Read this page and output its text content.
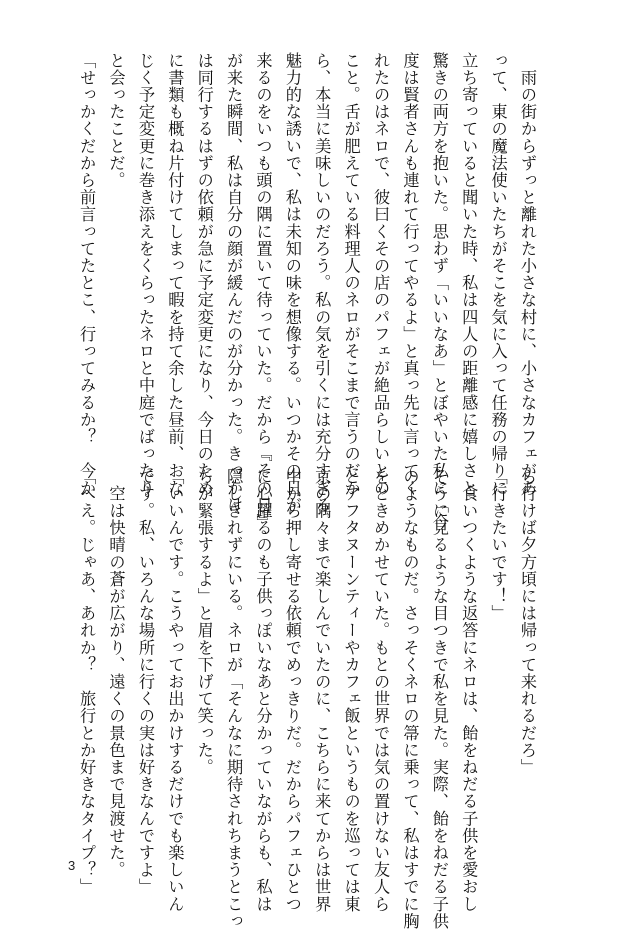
　雨の街からずっと離れた小さな村に、小さなカフェがあ
って、東の魔法使いたちがそこを気に入って任務の帰りに
立ち寄っていると聞いた時、私は四人の距離感に嬉しさと
驚きの両方を抱いた。思わず「いいなあ」とぼやいた私に「今
度は賢者さんも連れて行ってやるよ」と真っ先に言ってく
れたのはネロで、彼曰くその店のパフェが絶品らしいとの
こと。舌が肥えている料理人のネロがそこまで言うのだか
ら、本当に美味しいのだろう。私の気を引くには充分すぎる
魅力的な誘いで、私は未知の味を想像する。いつかその日が
来るのをいつも頭の隅に置いて待っていた。だから『その日』
が来た瞬間、私は自分の顔が緩んだのが分かった。きっかけ
は同行するはずの依頼が急に予定変更になり、今日のため
に書類も概ね片付けてしまって暇を持て余した昼前、おな
じく予定変更に巻き添えをくらったネロと中庭でばったり
と会ったことだ。
「せっかくだから前言ってたとこ、行ってみるか？　今か
ら行けば夕方頃には帰って来れるだろ」
「行きたいです！」
　食いつくような返答にネロは、飴をねだる子供を愛おし
そうに見るような目つきで私を見た。実際、飴をねだる子供
のようなものだ。さっそくネロの箒に乗って、私はすでに胸
をときめかせていた。もとの世界では気の置けない友人ら
とアフタヌーンティーやカフェ飯というものを巡っては東
京の隅々まで楽しんでいたのに、こちらに来てからは世界
中から押し寄せる依頼でめっきりだ。だからパフェひとつ
に心躍るのも子供っぽいなあと分かっていながらも、私は
隠しきれずにいる。ネロが「そんなに期待されちまうとこっ
ちが緊張するよ」と眉を下げて笑った。
「いいんです。こうやってお出かけするだけでも楽しいん
です。私、いろんな場所に行くの実は好きなんですよ」
　空は快晴の蒼が広がり、遠くの景色まで見渡せた。
「へえ。じゃあ、あれか？　旅行とか好きなタイプ？」
3
